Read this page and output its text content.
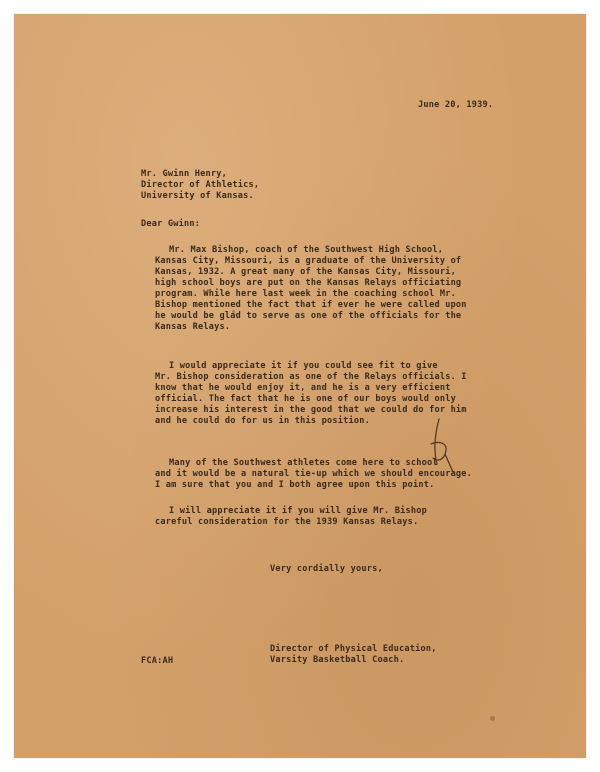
June 20, 1939.
Mr. Gwinn Henry,
Director of Athletics,
University of Kansas.
Dear Gwinn:
Mr. Max Bishop, coach of the Southwest High School,
Kansas City, Missouri, is a graduate of the University of
Kansas, 1932. A great many of the Kansas City, Missouri,
high school boys are put on the Kansas Relays officiating
program. While here last week in the coaching school Mr.
Bishop mentioned the fact that if ever he were called upon
he would be glad to serve as one of the officials for the
Kansas Relays.
I would appreciate it if you could see fit to give
Mr. Bishop consideration as one of the Relays officials. I
know that he would enjoy it, and he is a very efficient
official. The fact that he is one of our boys would only
increase his interest in the good that we could do for him
and he could do for us in this position.
Many of the Southwest athletes come here to school
and it would be a natural tie-up which we should encourage.
I am sure that you and I both agree upon this point.
I will appreciate it if you will give Mr. Bishop
careful consideration for the 1939 Kansas Relays.
Very cordially yours,
Director of Physical Education,
Varsity Basketball Coach.
FCA:AH
